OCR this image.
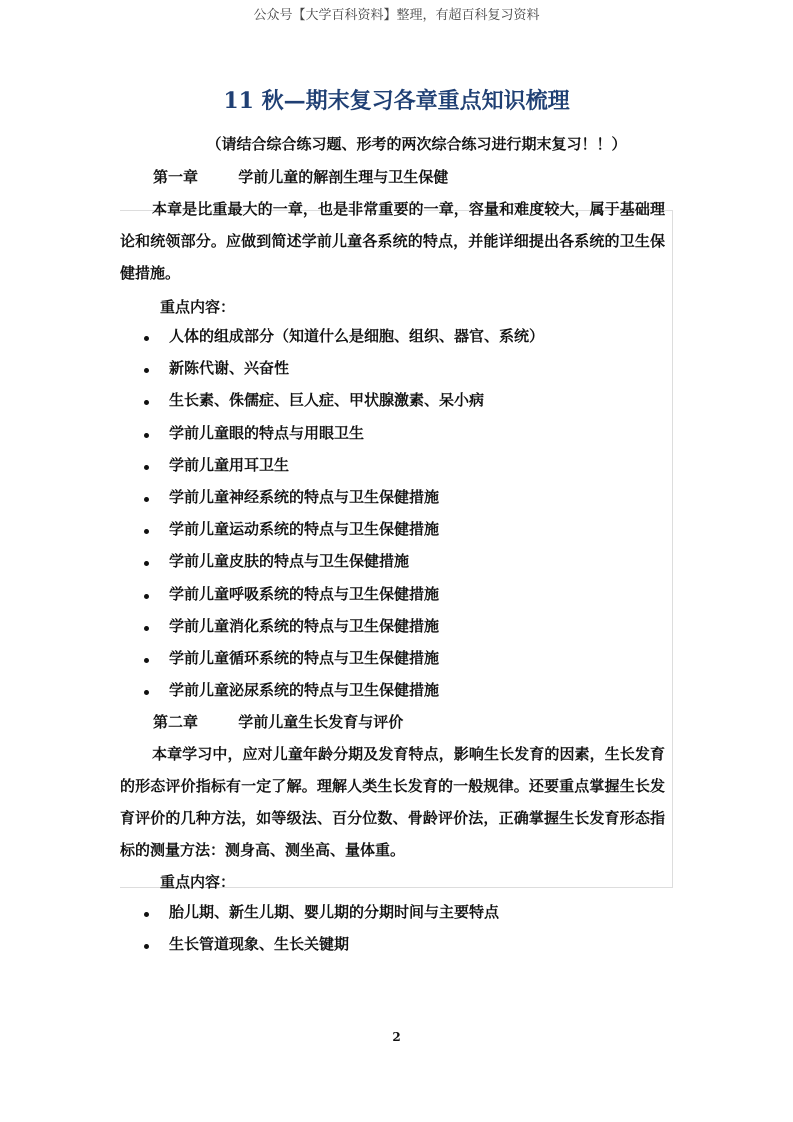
公众号【大学百科资料】整理，有超百科复习资料
11 秋—期末复习各章重点知识梳理
（请结合综合练习题、形考的两次综合练习进行期末复习！！）
第一章	学前儿童的解剖生理与卫生保健
本章是比重最大的一章，也是非常重要的一章，容量和难度较大，属于基础理论和统领部分。应做到简述学前儿童各系统的特点，并能详细提出各系统的卫生保健措施。
重点内容：
人体的组成部分（知道什么是细胞、组织、器官、系统）
新陈代谢、兴奋性
生长素、侏儒症、巨人症、甲状腺激素、呆小病
学前儿童眼的特点与用眼卫生
学前儿童用耳卫生
学前儿童神经系统的特点与卫生保健措施
学前儿童运动系统的特点与卫生保健措施
学前儿童皮肤的特点与卫生保健措施
学前儿童呼吸系统的特点与卫生保健措施
学前儿童消化系统的特点与卫生保健措施
学前儿童循环系统的特点与卫生保健措施
学前儿童泌尿系统的特点与卫生保健措施
第二章	学前儿童生长发育与评价
本章学习中，应对儿童年龄分期及发育特点，影响生长发育的因素，生长发育的形态评价指标有一定了解。理解人类生长发育的一般规律。还要重点掌握生长发育评价的几种方法，如等级法、百分位数、骨龄评价法，正确掌握生长发育形态指标的测量方法：测身高、测坐高、量体重。
重点内容：
胎儿期、新生儿期、婴儿期的分期时间与主要特点
生长管道现象、生长关键期
2
